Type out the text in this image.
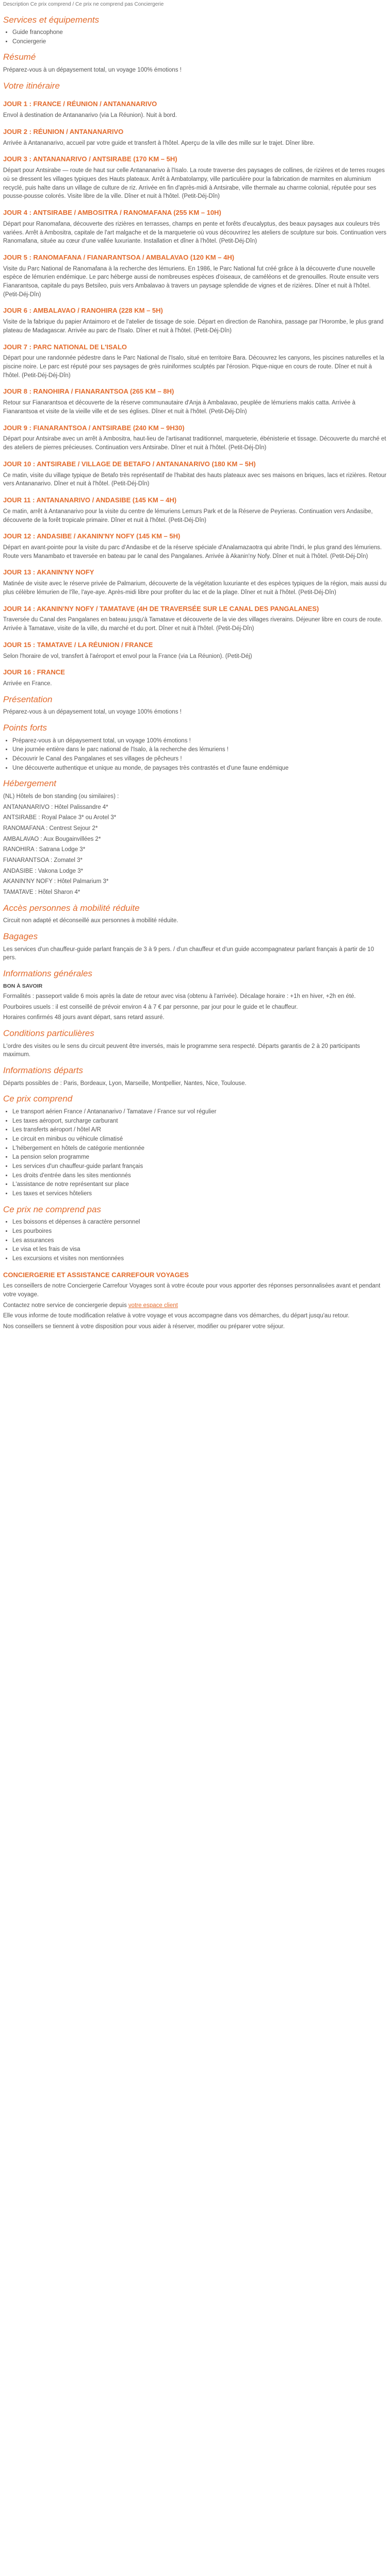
Description Ce prix comprend / Ce prix ne comprend pas Conciergerie

Services et équipements
• Guide francophone
• Conciergerie
Résumé

Préparez-vous à un dépaysement total, un voyage 100% émotions !

Votre itinéraire
JOUR 1 : FRANCE / RÉUNION / ANTANANARIVO

Envol à destination de Antananarivo (via La Réunion). Nuit à bord.

JOUR 2 : RÉUNION / ANTANANARIVO

Arrivée à Antananarivo, accueil par votre guide et transfert à l'hôtel. Aperçu de la ville des mille sur le trajet. Dîner libre.

JOUR 3 : ANTANANARIVO / ANTSIRABE (170 KM – 5H)

Départ pour Antsirabe — route de haut sur celle Antananarivo à l'Isalo. La route traverse des paysages de collines, de rizières et de terres rouges où se dressent les villages typiques des Hauts plateaux. Arrêt à Ambatolampy, ville particulière pour la fabrication de marmites en aluminium recyclé, puis halte dans un village de culture de riz. Arrivée en fin d'après-midi à Antsirabe, ville thermale au charme colonial, réputée pour ses pousse-pousse colorés. Visite libre de la ville. Dîner et nuit à l'hôtel. (Petit-Déj-Dîn)

JOUR 4 : ANTSIRABE / AMBOSITRA / RANOMAFANA (255 KM – 10H)

Départ pour Ranomafana, découverte des rizières en terrasses, champs en pente et forêts d'eucalyptus, des beaux paysages aux couleurs très variées. Arrêt à Ambositra, capitale de l'art malgache et de la marqueterie où vous découvrirez les ateliers de sculpture sur bois. Continuation vers Ranomafana, située au cœur d'une vallée luxuriante. Installation et dîner à l'hôtel. (Petit-Déj-Dîn)

JOUR 5 : RANOMAFANA / FIANARANTSOA / AMBALAVAO (120 KM – 4H)

Visite du Parc National de Ranomafana à la recherche des lémuriens. En 1986, le Parc National fut créé grâce à la découverte d'une nouvelle espèce de lémurien endémique. Le parc héberge aussi de nombreuses espèces d'oiseaux, de caméléons et de grenouilles. Route ensuite vers Fianarantsoa, capitale du pays Betsileo, puis vers Ambalavao à travers un paysage splendide de vignes et de rizières. Dîner et nuit à l'hôtel. (Petit-Déj-Dîn)

JOUR 6 : AMBALAVAO / RANOHIRA (228 KM – 5H)

Visite de la fabrique du papier Antaimoro et de l'atelier de tissage de soie. Départ en direction de Ranohira, passage par l'Horombe, le plus grand plateau de Madagascar. Arrivée au parc de l'Isalo. Dîner et nuit à l'hôtel. (Petit-Déj-Dîn)

JOUR 7 : PARC NATIONAL DE L'ISALO

Départ pour une randonnée pédestre dans le Parc National de l'Isalo, situé en territoire Bara. Découvrez les canyons, les piscines naturelles et la piscine noire. Le parc est réputé pour ses paysages de grès ruiniformes sculptés par l'érosion. Pique-nique en cours de route. Dîner et nuit à l'hôtel. (Petit-Déj-Déj-Dîn)

JOUR 8 : RANOHIRA / FIANARANTSOA (265 KM – 8H)

Retour sur Fianarantsoa et découverte de la réserve communautaire d'Anja à Ambalavao, peuplée de lémuriens makis catta. Arrivée à Fianarantsoa et visite de la vieille ville et de ses églises. Dîner et nuit à l'hôtel. (Petit-Déj-Dîn)

JOUR 9 : FIANARANTSOA / ANTSIRABE (240 KM – 9H30)

Départ pour Antsirabe avec un arrêt à Ambositra, haut-lieu de l'artisanat traditionnel, marqueterie, ébénisterie et tissage. Découverte du marché et des ateliers de pierres précieuses. Continuation vers Antsirabe. Dîner et nuit à l'hôtel. (Petit-Déj-Dîn)

JOUR 10 : ANTSIRABE / VILLAGE DE BETAFO / ANTANANARIVO (180 KM – 5H)

Ce matin, visite du village typique de Betafo très représentatif de l'habitat des hauts plateaux avec ses maisons en briques, lacs et rizières. Retour vers Antananarivo. Dîner et nuit à l'hôtel. (Petit-Déj-Dîn)

JOUR 11 : ANTANANARIVO / ANDASIBE (145 KM – 4H)

Ce matin, arrêt à Antananarivo pour la visite du centre de lémuriens Lemurs Park et de la Réserve de Peyrieras. Continuation vers Andasibe, découverte de la forêt tropicale primaire. Dîner et nuit à l'hôtel. (Petit-Déj-Dîn)

JOUR 12 : ANDASIBE / AKANIN'NY NOFY (145 KM – 5H)

Départ en avant-pointe pour la visite du parc d'Andasibe et de la réserve spéciale d'Analamazaotra qui abrite l'Indri, le plus grand des lémuriens. Route vers Manambato et traversée en bateau par le canal des Pangalanes. Arrivée à Akanin'ny Nofy. Dîner et nuit à l'hôtel. (Petit-Déj-Dîn)

JOUR 13 : AKANIN'NY NOFY

Matinée de visite avec le réserve privée de Palmarium, découverte de la végétation luxuriante et des espèces typiques de la région, mais aussi du plus célèbre lémurien de l'île, l'aye-aye. Après-midi libre pour profiter du lac et de la plage. Dîner et nuit à l'hôtel. (Petit-Déj-Dîn)

JOUR 14 : AKANIN'NY NOFY / TAMATAVE (4H DE TRAVERSÉE SUR LE CANAL DES PANGALANES)

Traversée du Canal des Pangalanes en bateau jusqu'à Tamatave et découverte de la vie des villages riverains. Déjeuner libre en cours de route. Arrivée à Tamatave, visite de la ville, du marché et du port. Dîner et nuit à l'hôtel. (Petit-Déj-Dîn)

JOUR 15 : TAMATAVE / LA RÉUNION / FRANCE

Selon l'horaire de vol, transfert à l'aéroport et envol pour la France (via La Réunion). (Petit-Déj)

JOUR 16 : FRANCE

Arrivée en France.

Présentation

Préparez-vous à un dépaysement total, un voyage 100% émotions !

Points forts
• Préparez-vous à un dépaysement total, un voyage 100% émotions !
• Une journée entière dans le parc national de l'Isalo, à la recherche des lémuriens !
• Découvrir le Canal des Pangalanes et ses villages de pêcheurs !
• Une découverte authentique et unique au monde, de paysages très contrastés et d'une faune endémique
Hébergement

(NL) Hôtels de bon standing (ou similaires) :

ANTANANARIVO : Hôtel Palissandre 4*

ANTSIRABE : Royal Palace 3* ou Arotel 3*

RANOMAFANA : Centrest Sejour 2*

AMBALAVAO : Aux Bougainvillées 2*

RANOHIRA : Satrana Lodge 3*

FIANARANTSOA : Zomatel 3*

ANDASIBE : Vakona Lodge 3*

AKANIN'NY NOFY : Hôtel Palmarium 3*

TAMATAVE : Hôtel Sharon 4*

Accès personnes à mobilité réduite

Circuit non adapté et déconseillé aux personnes à mobilité réduite.

Bagages

Les services d'un chauffeur-guide parlant français de 3 à 9 pers. / d'un chauffeur et d'un guide accompagnateur parlant français à partir de 10 pers.

Informations générales

BON À SAVOIR

Formalités : passeport valide 6 mois après la date de retour avec visa (obtenu à l'arrivée). Décalage horaire : +1h en hiver, +2h en été.

Pourboires usuels : il est conseillé de prévoir environ 4 à 7 € par personne, par jour pour le guide et le chauffeur.

Horaires confirmés 48 jours avant départ, sans retard assuré.

Conditions particulières

L'ordre des visites ou le sens du circuit peuvent être inversés, mais le programme sera respecté. Départs garantis de 2 à 20 participants maximum.

Informations départs

Départs possibles de : Paris, Bordeaux, Lyon, Marseille, Montpellier, Nantes, Nice, Toulouse.

Ce prix comprend
• Le transport aérien France / Antananarivo / Tamatave / France sur vol régulier
• Les taxes aéroport, surcharge carburant
• Les transferts aéroport / hôtel A/R
• Le circuit en minibus ou véhicule climatisé
• L'hébergement en hôtels de catégorie mentionnée
• La pension selon programme
• Les services d'un chauffeur-guide parlant français
• Les droits d'entrée dans les sites mentionnés
• L'assistance de notre représentant sur place
• Les taxes et services hôteliers
Ce prix ne comprend pas
• Les boissons et dépenses à caractère personnel
• Les pourboires
• Les assurances
• Le visa et les frais de visa
• Les excursions et visites non mentionnées
CONCIERGERIE ET ASSISTANCE CARREFOUR VOYAGES

Les conseillers de notre Conciergerie Carrefour Voyages sont à votre écoute pour vous apporter des réponses personnalisées avant et pendant votre voyage.

Contactez notre service de conciergerie depuis votre espace client

Elle vous informe de toute modification relative à votre voyage et vous accompagne dans vos démarches, du départ jusqu'au retour.

Nos conseillers se tiennent à votre disposition pour vous aider à réserver, modifier ou préparer votre séjour.
